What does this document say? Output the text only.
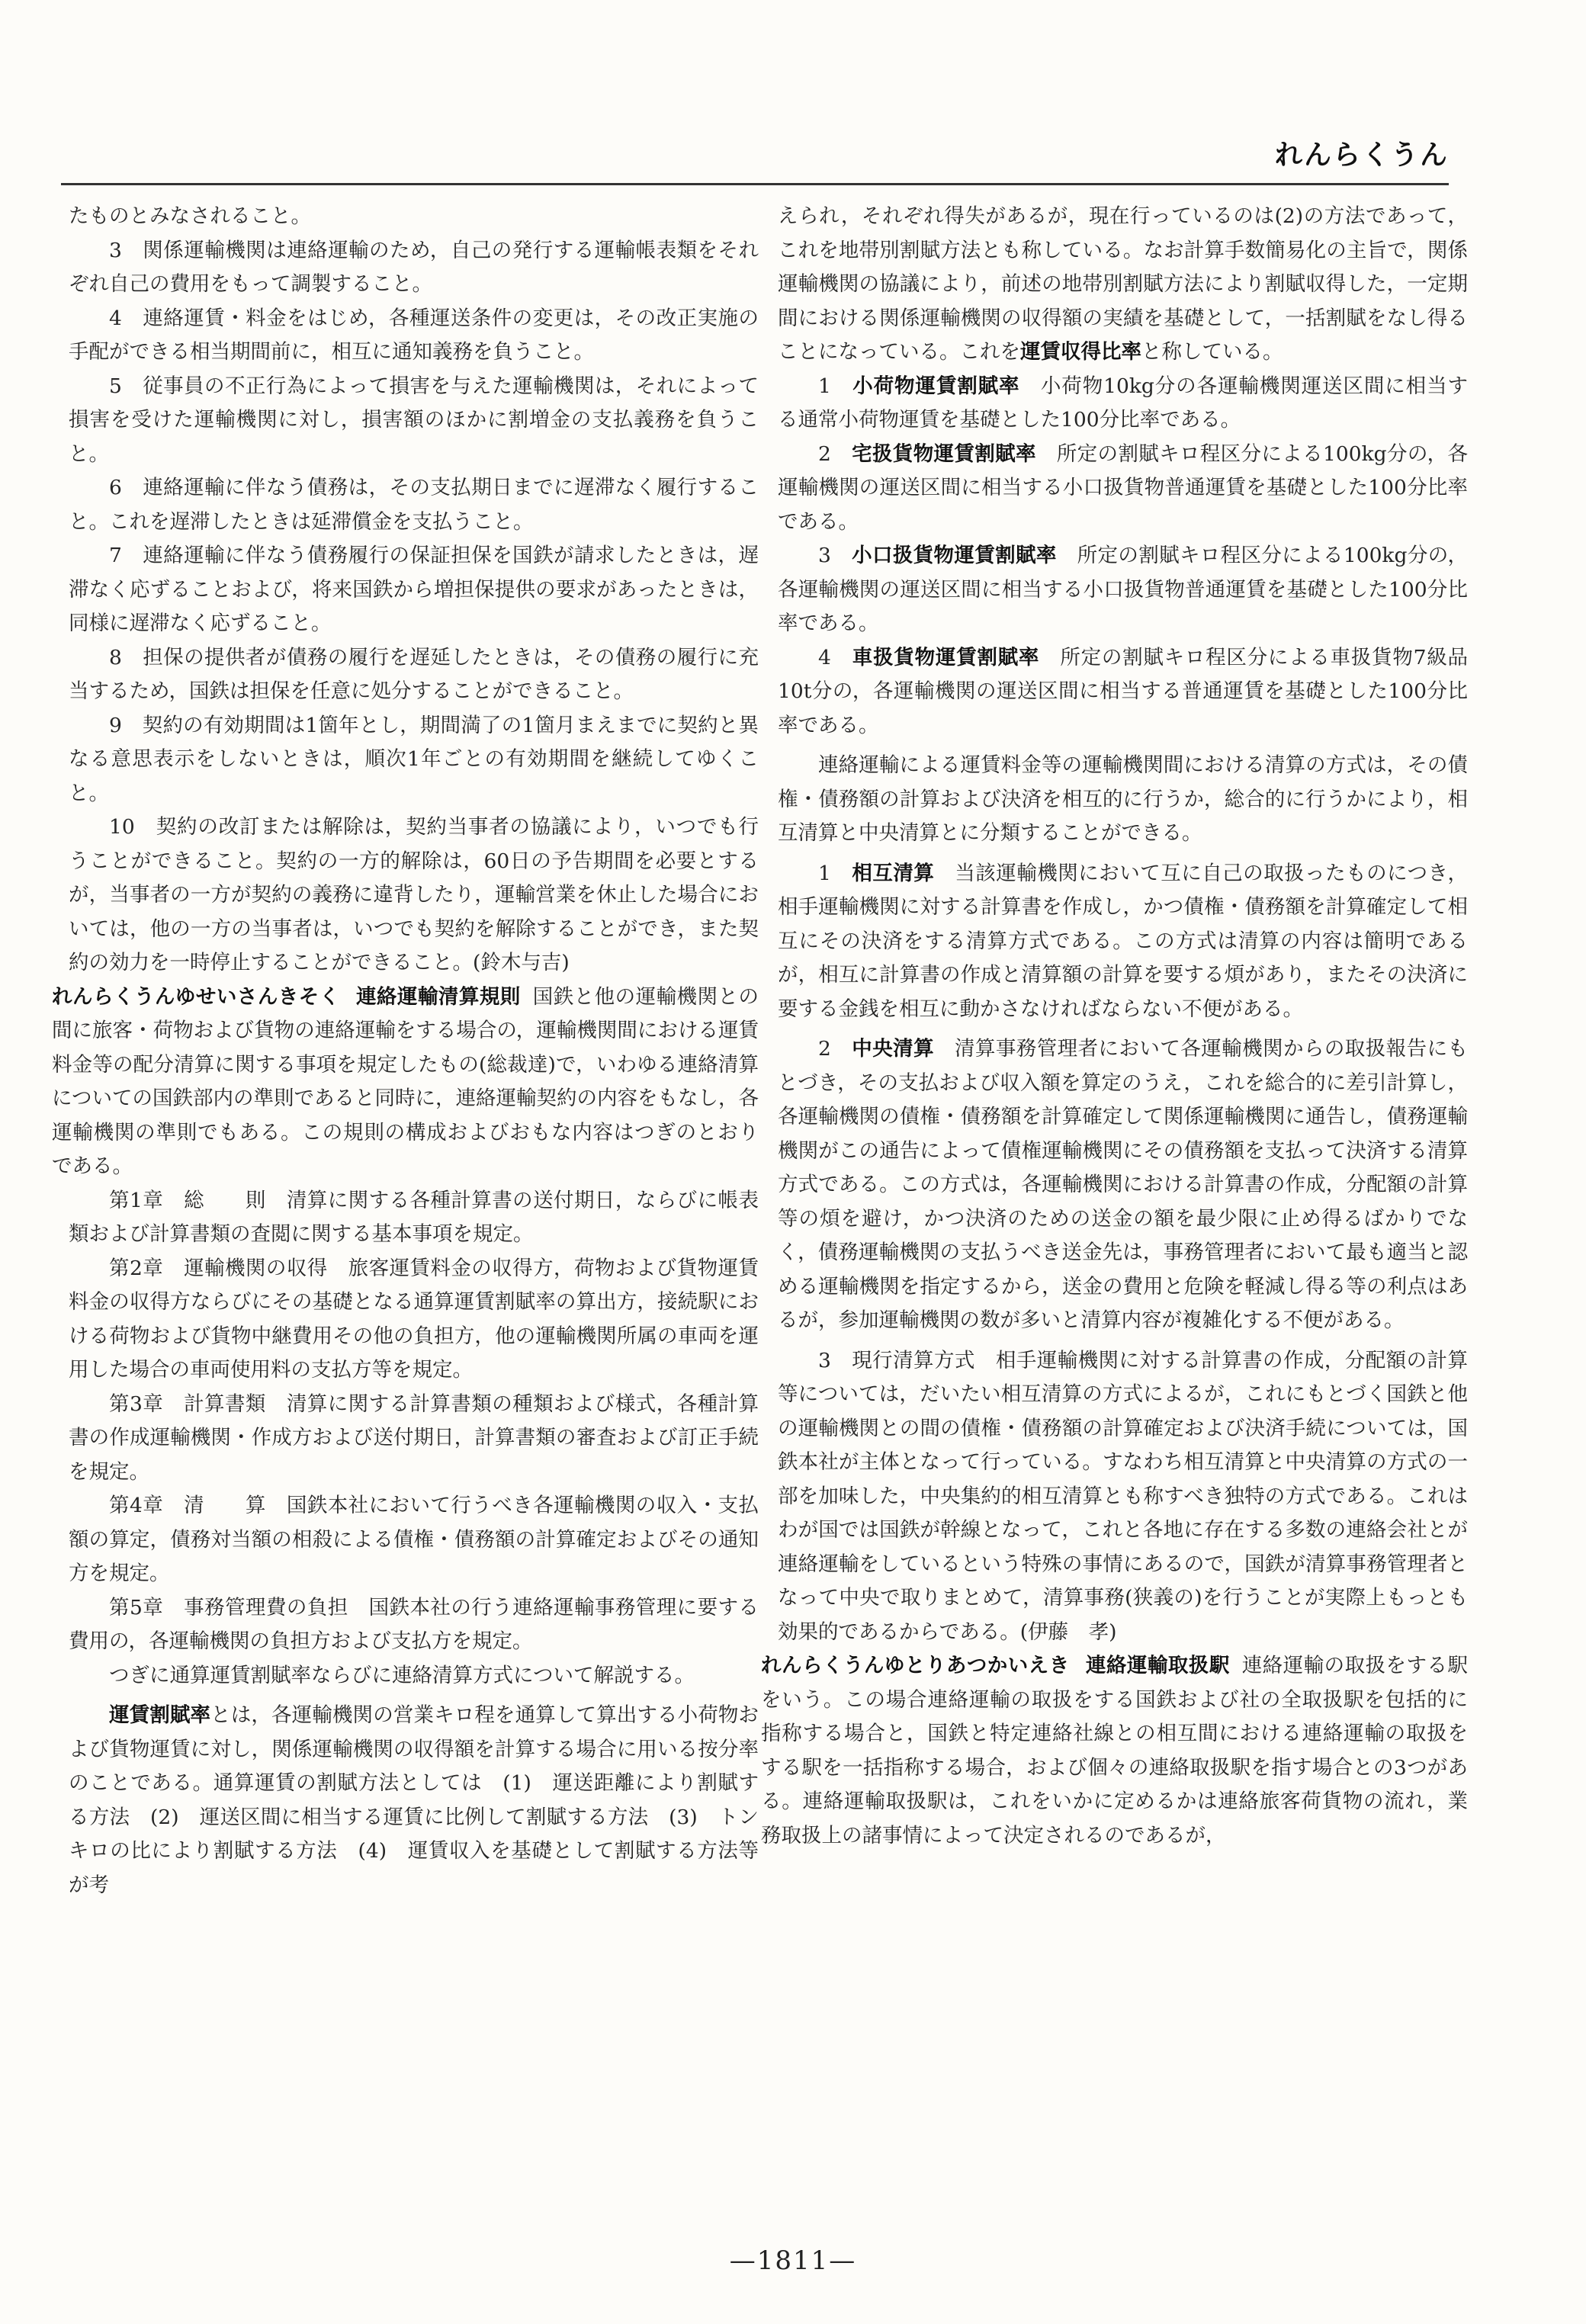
れんらくうん

たものとみなされること。

3　関係運輸機関は連絡運輸のため，自己の発行する運輸帳表類をそれぞれ自己の費用をもって調製すること。

4　連絡運賃・料金をはじめ，各種運送条件の変更は，その改正実施の手配ができる相当期間前に，相互に通知義務を負うこと。

5　従事員の不正行為によって損害を与えた運輸機関は，それによって損害を受けた運輸機関に対し，損害額のほかに割増金の支払義務を負うこと。

6　連絡運輸に伴なう債務は，その支払期日までに遅滞なく履行すること。これを遅滞したときは延滞償金を支払うこと。

7　連絡運輸に伴なう債務履行の保証担保を国鉄が請求したときは，遅滞なく応ずることおよび，将来国鉄から増担保提供の要求があったときは，同様に遅滞なく応ずること。

8　担保の提供者が債務の履行を遅延したときは，その債務の履行に充当するため，国鉄は担保を任意に処分することができること。

9　契約の有効期間は1箇年とし，期間満了の1箇月まえまでに契約と異なる意思表示をしないときは，順次1年ごとの有効期間を継続してゆくこと。

10　契約の改訂または解除は，契約当事者の協議により，いつでも行うことができること。契約の一方的解除は，60日の予告期間を必要とするが，当事者の一方が契約の義務に違背したり，運輸営業を休止した場合においては，他の一方の当事者は，いつでも契約を解除することができ，また契約の効力を一時停止することができること。(鈴木与吉)

れんらくうんゆせいさんきそく 連絡運輸清算規則 国鉄と他の運輸機関との間に旅客・荷物および貨物の連絡運輸をする場合の，運輸機関間における運賃料金等の配分清算に関する事項を規定したもの(総裁達)で，いわゆる連絡清算についての国鉄部内の準則であると同時に，連絡運輸契約の内容をもなし，各運輸機関の準則でもある。この規則の構成およびおもな内容はつぎのとおりである。

第1章　総　　則　清算に関する各種計算書の送付期日，ならびに帳表類および計算書類の査閲に関する基本事項を規定。

第2章　運輸機関の収得　旅客運賃料金の収得方，荷物および貨物運賃料金の収得方ならびにその基礎となる通算運賃割賦率の算出方，接続駅における荷物および貨物中継費用その他の負担方，他の運輸機関所属の車両を運用した場合の車両使用料の支払方等を規定。

第3章　計算書類　清算に関する計算書類の種類および様式，各種計算書の作成運輸機関・作成方および送付期日，計算書類の審査および訂正手続を規定。

第4章　清　　算　国鉄本社において行うべき各運輸機関の収入・支払額の算定，債務対当額の相殺による債権・債務額の計算確定およびその通知方を規定。

第5章　事務管理費の負担　国鉄本社の行う連絡運輸事務管理に要する費用の，各運輸機関の負担方および支払方を規定。

つぎに通算運賃割賦率ならびに連絡清算方式について解説する。

運賃割賦率とは，各運輸機関の営業キロ程を通算して算出する小荷物および貨物運賃に対し，関係運輸機関の収得額を計算する場合に用いる按分率のことである。通算運賃の割賦方法としては　(1)　運送距離により割賦する方法　(2)　運送区間に相当する運賃に比例して割賦する方法　(3)　トンキロの比により割賦する方法　(4)　運賃収入を基礎として割賦する方法等が考

えられ，それぞれ得失があるが，現在行っているのは(2)の方法であって，これを地帯別割賦方法とも称している。なお計算手数簡易化の主旨で，関係運輸機関の協議により，前述の地帯別割賦方法により割賦収得した，一定期間における関係運輸機関の収得額の実績を基礎として，一括割賦をなし得ることになっている。これを運賃収得比率と称している。

1　小荷物運賃割賦率　小荷物10kg分の各運輸機関運送区間に相当する通常小荷物運賃を基礎とした100分比率である。

2　宅扱貨物運賃割賦率　所定の割賦キロ程区分による100kg分の，各運輸機関の運送区間に相当する小口扱貨物普通運賃を基礎とした100分比率である。

3　小口扱貨物運賃割賦率　所定の割賦キロ程区分による100kg分の，各運輸機関の運送区間に相当する小口扱貨物普通運賃を基礎とした100分比率である。

4　車扱貨物運賃割賦率　所定の割賦キロ程区分による車扱貨物7級品10t分の，各運輸機関の運送区間に相当する普通運賃を基礎とした100分比率である。

連絡運輸による運賃料金等の運輸機関間における清算の方式は，その債権・債務額の計算および決済を相互的に行うか，総合的に行うかにより，相互清算と中央清算とに分類することができる。

1　相互清算　当該運輸機関において互に自己の取扱ったものにつき，相手運輸機関に対する計算書を作成し，かつ債権・債務額を計算確定して相互にその決済をする清算方式である。この方式は清算の内容は簡明であるが，相互に計算書の作成と清算額の計算を要する煩があり，またその決済に要する金銭を相互に動かさなければならない不便がある。

2　中央清算　清算事務管理者において各運輸機関からの取扱報告にもとづき，その支払および収入額を算定のうえ，これを総合的に差引計算し，各運輸機関の債権・債務額を計算確定して関係運輸機関に通告し，債務運輸機関がこの通告によって債権運輸機関にその債務額を支払って決済する清算方式である。この方式は，各運輸機関における計算書の作成，分配額の計算等の煩を避け，かつ決済のための送金の額を最少限に止め得るばかりでなく，債務運輸機関の支払うべき送金先は，事務管理者において最も適当と認める運輸機関を指定するから，送金の費用と危険を軽減し得る等の利点はあるが，参加運輸機関の数が多いと清算内容が複雑化する不便がある。

3　現行清算方式　相手運輸機関に対する計算書の作成，分配額の計算等については，だいたい相互清算の方式によるが，これにもとづく国鉄と他の運輸機関との間の債権・債務額の計算確定および決済手続については，国鉄本社が主体となって行っている。すなわち相互清算と中央清算の方式の一部を加味した，中央集約的相互清算とも称すべき独特の方式である。これはわが国では国鉄が幹線となって，これと各地に存在する多数の連絡会社とが連絡運輸をしているという特殊の事情にあるので，国鉄が清算事務管理者となって中央で取りまとめて，清算事務(狭義の)を行うことが実際上もっとも効果的であるからである。(伊藤　孝)

れんらくうんゆとりあつかいえき 連絡運輸取扱駅 連絡運輸の取扱をする駅をいう。この場合連絡運輸の取扱をする国鉄および社の全取扱駅を包括的に指称する場合と，国鉄と特定連絡社線との相互間における連絡運輸の取扱をする駅を一括指称する場合，および個々の連絡取扱駅を指す場合との3つがある。連絡運輸取扱駅は，これをいかに定めるかは連絡旅客荷貨物の流れ，業務取扱上の諸事情によって決定されるのであるが，

—1811—
